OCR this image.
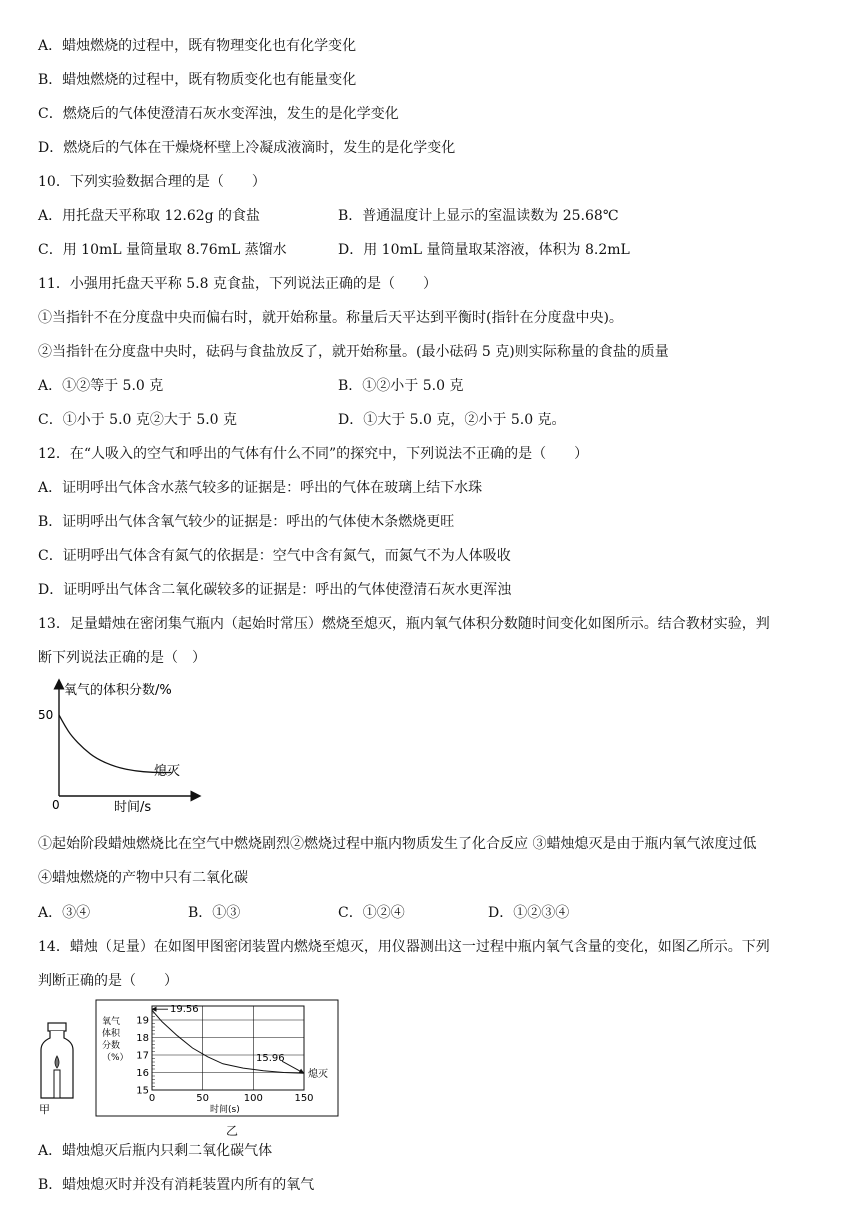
A．蜡烛燃烧的过程中，既有物理变化也有化学变化
B．蜡烛燃烧的过程中，既有物质变化也有能量变化
C．燃烧后的气体使澄清石灰水变浑浊，发生的是化学变化
D．燃烧后的气体在干燥烧杯壁上冷凝成液滴时，发生的是化学变化
10．下列实验数据合理的是（　　）
A．用托盘天平称取 12.62g 的食盐	B．普通温度计上显示的室温读数为 25.68℃
C．用 10mL 量筒量取 8.76mL 蒸馏水	D．用 10mL 量筒量取某溶液，体积为 8.2mL
11．小强用托盘天平称 5.8 克食盐，下列说法正确的是（　　）
①当指针不在分度盘中央而偏右时，就开始称量。称量后天平达到平衡时(指针在分度盘中央)。
②当指针在分度盘中央时，砝码与食盐放反了，就开始称量。(最小砝码 5 克)则实际称量的食盐的质量
A．①②等于 5.0 克	B．①②小于 5.0 克
C．①小于 5.0 克②大于 5.0 克	D．①大于 5.0 克，②小于 5.0 克。
12．在“人吸入的空气和呼出的气体有什么不同”的探究中，下列说法不正确的是（　　）
A．证明呼出气体含水蒸气较多的证据是：呼出的气体在玻璃上结下水珠
B．证明呼出气体含氧气较少的证据是：呼出的气体使木条燃烧更旺
C．证明呼出气体含有氮气的依据是：空气中含有氮气，而氮气不为人体吸收
D．证明呼出气体含二氧化碳较多的证据是：呼出的气体使澄清石灰水更浑浊
13．足量蜡烛在密闭集气瓶内（起始时常压）燃烧至熄灭，瓶内氧气体积分数随时间变化如图所示。结合教材实验，判
断下列说法正确的是（　）
氧气的体积分数/%
50
0	时间/s
熄灭
①起始阶段蜡烛燃烧比在空气中燃烧剧烈②燃烧过程中瓶内物质发生了化合反应 ③蜡烛熄灭是由于瓶内氧气浓度过低
④蜡烛燃烧的产物中只有二氧化碳
A．③④	B．①③	C．①②④	D．①②③④
14．蜡烛（足量）在如图甲图密闭装置内燃烧至熄灭，用仪器测出这一过程中瓶内氧气含量的变化，如图乙所示。下列
判断正确的是（　　）
甲
氧气
体积
分数
（%）
15
16
17
18
19
0	50	100	150
19.56
15.96
熄灭
时间(s)
乙
A．蜡烛熄灭后瓶内只剩二氧化碳气体
B．蜡烛熄灭时并没有消耗装置内所有的氧气
